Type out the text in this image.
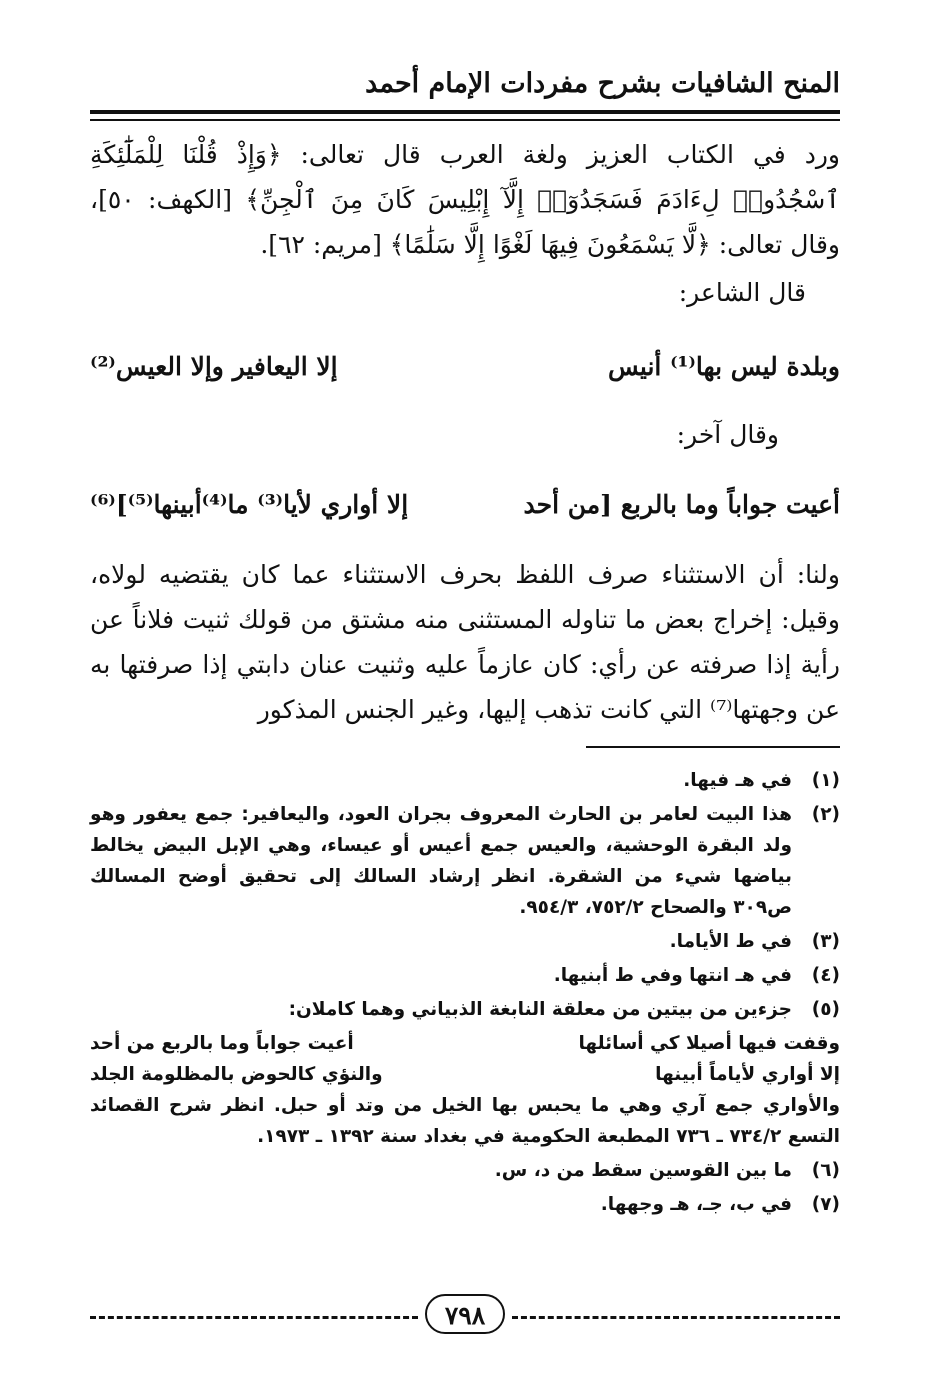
المنح الشافيات بشرح مفردات الإمام أحمد
ورد في الكتاب العزيز ولغة العرب قال تعالى: ﴿وَإِذْ قُلْنَا لِلْمَلَٰٓئِكَةِ ٱسْجُدُوا۟ لِءَادَمَ فَسَجَدُوٓا۟ إِلَّآ إِبْلِيسَ كَانَ مِنَ ٱلْجِنِّ﴾ [الكهف: ٥٠]، وقال تعالى: ﴿لَّا يَسْمَعُونَ فِيهَا لَغْوًا إِلَّا سَلَٰمًا﴾ [مريم: ٦٢].
قال الشاعر:
وبلدة ليس بها⁽¹⁾ أنيس
إلا اليعافير وإلا العيس⁽²⁾
وقال آخر:
أعيت جواباً وما بالربع [من أحد
إلا أواري لأيا⁽³⁾ ما⁽⁴⁾أبينها⁽⁵⁾]⁽⁶⁾
ولنا: أن الاستثناء صرف اللفظ بحرف الاستثناء عما كان يقتضيه لولاه، وقيل: إخراج بعض ما تناوله المستثنى منه مشتق من قولك ثنيت فلاناً عن رأية إذا صرفته عن رأي: كان عازماً عليه وثنيت عنان دابتي إذا صرفتها به عن وجهتها⁽⁷⁾ التي كانت تذهب إليها، وغير الجنس المذكور
(١)
في هـ فيها.
(٢)
هذا البيت لعامر بن الحارث المعروف بجران العود، واليعافير: جمع يعفور وهو ولد البقرة الوحشية، والعيس جمع أعيس أو عيساء، وهي الإبل البيض يخالط بياضها شيء من الشقرة. انظر إرشاد السالك إلى تحقيق أوضح المسالك ص٣٠٩ والصحاح ٧٥٢/٢، ٩٥٤/٣.
(٣)
في ط الأياما.
(٤)
في هـ انتها وفي ط أبنيها.
(٥)
جزءين من بيتين من معلقة النابغة الذبياني وهما كاملان:
وقفت فيها أصيلا كي أسائلها
أعيت جواباً وما بالربع من أحد
إلا أواري لأياماً أبينها
والنؤي كالحوض بالمظلومة الجلد
والأواري جمع آري وهي ما يحبس بها الخيل من وتد أو حبل. انظر شرح القصائد التسع ٧٣٤/٢ ـ ٧٣٦ المطبعة الحكومية في بغداد سنة ١٣٩٢ ـ ١٩٧٣.
(٦)
ما بين القوسين سقط من د، س.
(٧)
في ب، جـ، هـ وجهها.
٧٩٨
